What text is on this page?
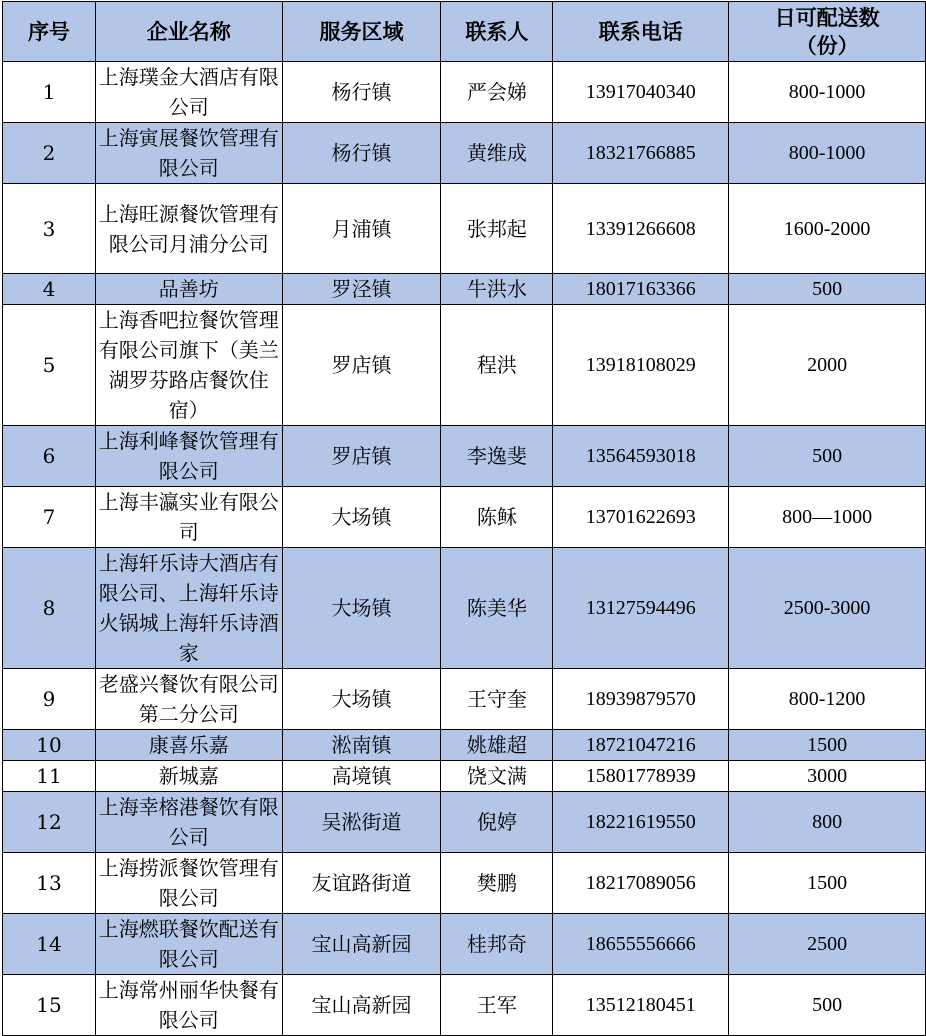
序号	企业名称	服务区域	联系人	联系电话	日可配送数
（份）

1	上海璞金大酒店有限公司	杨行镇	严会娣	13917040340	800-1000
2	上海寅展餐饮管理有限公司	杨行镇	黄维成	18321766885	800-1000
3	上海旺源餐饮管理有限公司月浦分公司	月浦镇	张邦起	13391266608	1600-2000
4	品善坊	罗泾镇	牛洪水	18017163366	500
5	上海香吧拉餐饮管理有限公司旗下（美兰湖罗芬路店餐饮住宿）	罗店镇	程洪	13918108029	2000
6	上海利峰餐饮管理有限公司	罗店镇	李逸斐	13564593018	500
7	上海丰瀛实业有限公司	大场镇	陈稣	13701622693	800—1000
8	上海轩乐诗大酒店有限公司、上海轩乐诗火锅城上海轩乐诗酒家	大场镇	陈美华	13127594496	2500-3000
9	老盛兴餐饮有限公司第二分公司	大场镇	王守奎	18939879570	800-1200
10	康喜乐嘉	淞南镇	姚雄超	18721047216	1500
11	新城嘉	高境镇	饶文满	15801778939	3000
12	上海幸榕港餐饮有限公司	吴淞街道	倪婷	18221619550	800
13	上海捞派餐饮管理有限公司	友谊路街道	樊鹏	18217089056	1500
14	上海燃联餐饮配送有限公司	宝山高新园	桂邦奇	18655556666	2500
15	上海常州丽华快餐有限公司	宝山高新园	王军	13512180451	500
